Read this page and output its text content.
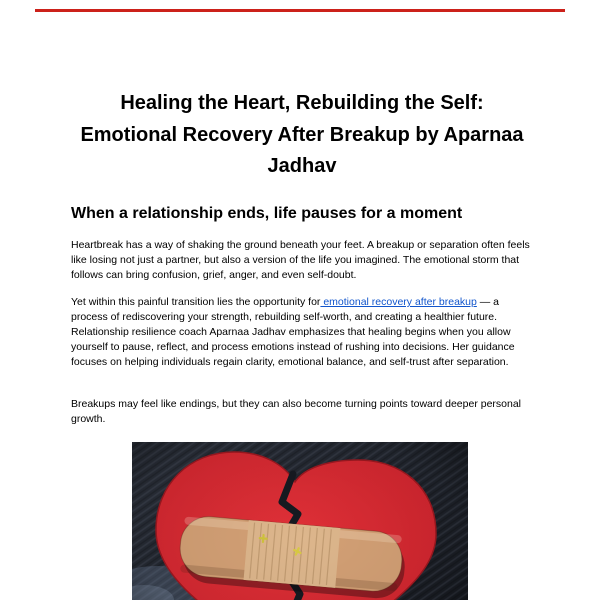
Healing the Heart, Rebuilding the Self: Emotional Recovery After Breakup by Aparnaa Jadhav
When a relationship ends, life pauses for a moment

Heartbreak has a way of shaking the ground beneath your feet. A breakup or separation often feels like losing not just a partner, but also a version of the life you imagined. The emotional storm that follows can bring confusion, grief, anger, and even self-doubt.

Yet within this painful transition lies the opportunity for emotional recovery after breakup — a process of rediscovering your strength, rebuilding self-worth, and creating a healthier future. Relationship resilience coach Aparnaa Jadhav emphasizes that healing begins when you allow yourself to pause, reflect, and process emotions instead of rushing into decisions. Her guidance focuses on helping individuals regain clarity, emotional balance, and self-trust after separation.

Breakups may feel like endings, but they can also become turning points toward deeper personal growth.
